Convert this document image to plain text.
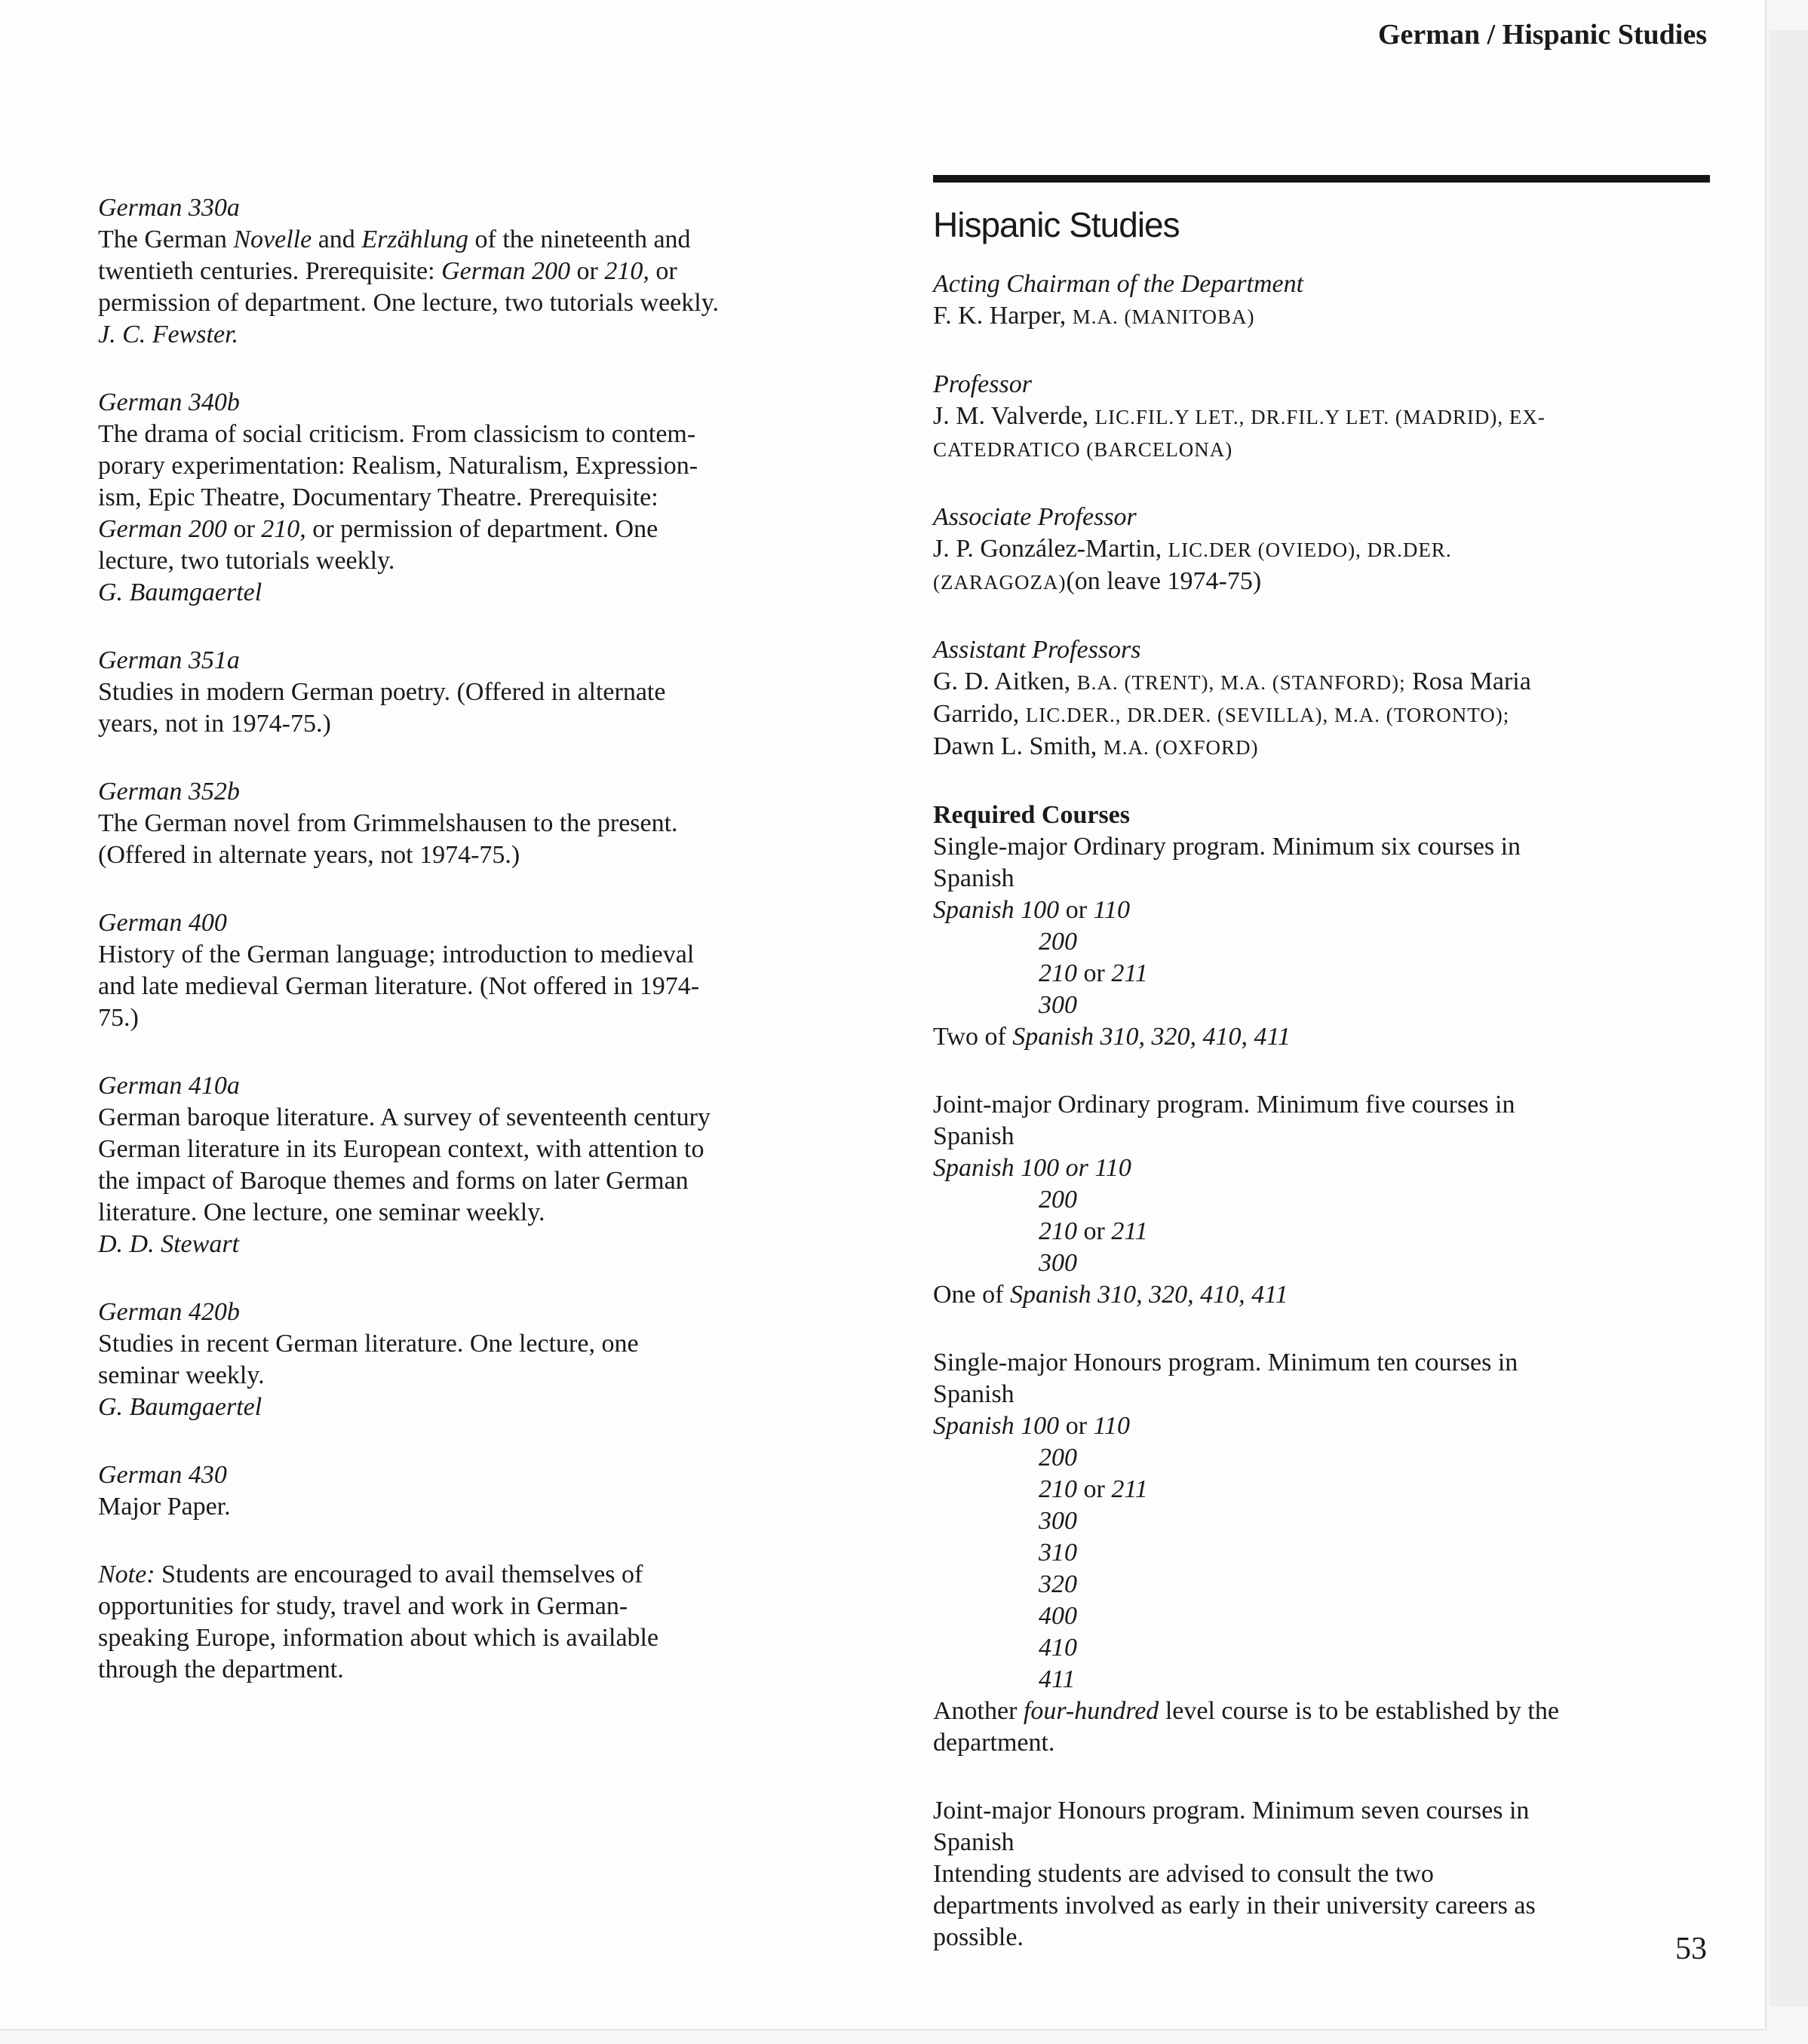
German / Hispanic Studies
German 330a
The German Novelle and Erzählung of the nineteenth and
twentieth centuries. Prerequisite: German 200 or 210, or
permission of department. One lecture, two tutorials weekly.
J. C. Fewster.
German 340b
The drama of social criticism. From classicism to contem-
porary experimentation: Realism, Naturalism, Expression-
ism, Epic Theatre, Documentary Theatre. Prerequisite:
German 200 or 210, or permission of department. One
lecture, two tutorials weekly.
G. Baumgaertel
German 351a
Studies in modern German poetry. (Offered in alternate
years, not in 1974-75.)
German 352b
The German novel from Grimmelshausen to the present.
(Offered in alternate years, not 1974-75.)
German 400
History of the German language; introduction to medieval
and late medieval German literature. (Not offered in 1974-
75.)
German 410a
German baroque literature. A survey of seventeenth century
German literature in its European context, with attention to
the impact of Baroque themes and forms on later German
literature. One lecture, one seminar weekly.
D. D. Stewart
German 420b
Studies in recent German literature. One lecture, one
seminar weekly.
G. Baumgaertel
German 430
Major Paper.
Note: Students are encouraged to avail themselves of
opportunities for study, travel and work in German-
speaking Europe, information about which is available
through the department.
Hispanic Studies
Acting Chairman of the Department
F. K. Harper, M.A. (MANITOBA)
Professor
J. M. Valverde, LIC.FIL.Y LET., DR.FIL.Y LET. (MADRID), EX-
CATEDRATICO (BARCELONA)
Associate Professor
J. P. González-Martin, LIC.DER (OVIEDO), DR.DER.
(ZARAGOZA)(on leave 1974-75)
Assistant Professors
G. D. Aitken, B.A. (TRENT), M.A. (STANFORD); Rosa Maria
Garrido, LIC.DER., DR.DER. (SEVILLA), M.A. (TORONTO);
Dawn L. Smith, M.A. (OXFORD)
Required Courses
Single-major Ordinary program. Minimum six courses in
Spanish
Spanish 100 or 110
200
210 or 211
300
Two of Spanish 310, 320, 410, 411
Joint-major Ordinary program. Minimum five courses in
Spanish
Spanish 100 or 110
200
210 or 211
300
One of Spanish 310, 320, 410, 411
Single-major Honours program. Minimum ten courses in
Spanish
Spanish 100 or 110
200
210 or 211
300
310
320
400
410
411
Another four-hundred level course is to be established by the
department.
Joint-major Honours program. Minimum seven courses in
Spanish
Intending students are advised to consult the two
departments involved as early in their university careers as
possible.	53
